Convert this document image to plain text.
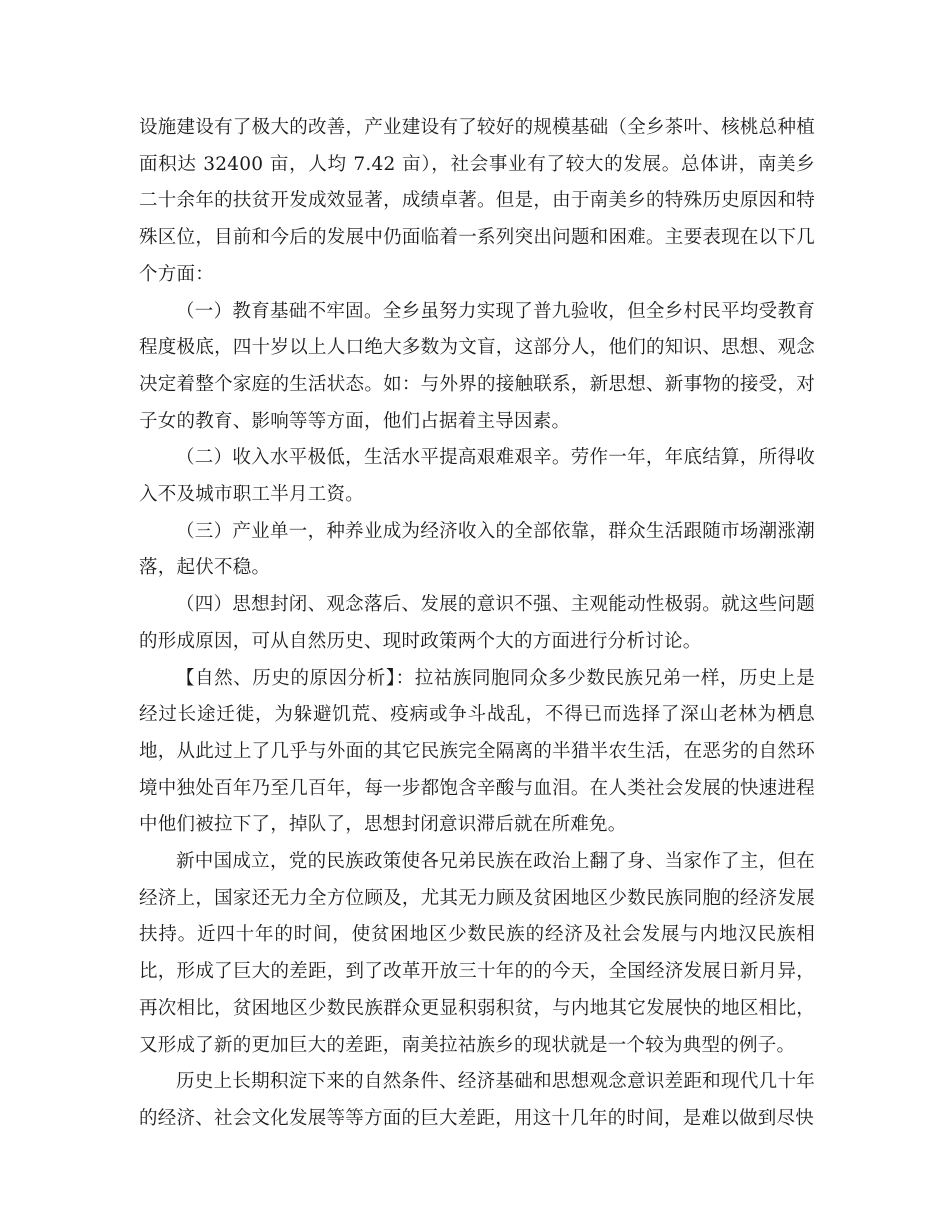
设施建设有了极大的改善，产业建设有了较好的规模基础（全乡茶叶、核桃总种植面积达 32400 亩，人均 7.42 亩），社会事业有了较大的发展。总体讲，南美乡二十余年的扶贫开发成效显著，成绩卓著。但是，由于南美乡的特殊历史原因和特殊区位，目前和今后的发展中仍面临着一系列突出问题和困难。主要表现在以下几个方面：

（一）教育基础不牢固。全乡虽努力实现了普九验收，但全乡村民平均受教育程度极底，四十岁以上人口绝大多数为文盲，这部分人，他们的知识、思想、观念决定着整个家庭的生活状态。如：与外界的接触联系，新思想、新事物的接受，对子女的教育、影响等等方面，他们占据着主导因素。

（二）收入水平极低，生活水平提高艰难艰辛。劳作一年，年底结算，所得收入不及城市职工半月工资。

（三）产业单一，种养业成为经济收入的全部依靠，群众生活跟随市场潮涨潮落，起伏不稳。

（四）思想封闭、观念落后、发展的意识不强、主观能动性极弱。就这些问题的形成原因，可从自然历史、现时政策两个大的方面进行分析讨论。

【自然、历史的原因分析】：拉祜族同胞同众多少数民族兄弟一样，历史上是经过长途迁徙，为躲避饥荒、疫病或争斗战乱，不得已而选择了深山老林为栖息地，从此过上了几乎与外面的其它民族完全隔离的半猎半农生活，在恶劣的自然环境中独处百年乃至几百年，每一步都饱含辛酸与血泪。在人类社会发展的快速进程中他们被拉下了，掉队了，思想封闭意识滞后就在所难免。

新中国成立，党的民族政策使各兄弟民族在政治上翻了身、当家作了主，但在经济上，国家还无力全方位顾及，尤其无力顾及贫困地区少数民族同胞的经济发展扶持。近四十年的时间，使贫困地区少数民族的经济及社会发展与内地汉民族相比，形成了巨大的差距，到了改革开放三十年的的今天，全国经济发展日新月异，再次相比，贫困地区少数民族群众更显积弱积贫，与内地其它发展快的地区相比，又形成了新的更加巨大的差距，南美拉祜族乡的现状就是一个较为典型的例子。

历史上长期积淀下来的自然条件、经济基础和思想观念意识差距和现代几十年的经济、社会文化发展等等方面的巨大差距，用这十几年的时间，是难以做到尽快
